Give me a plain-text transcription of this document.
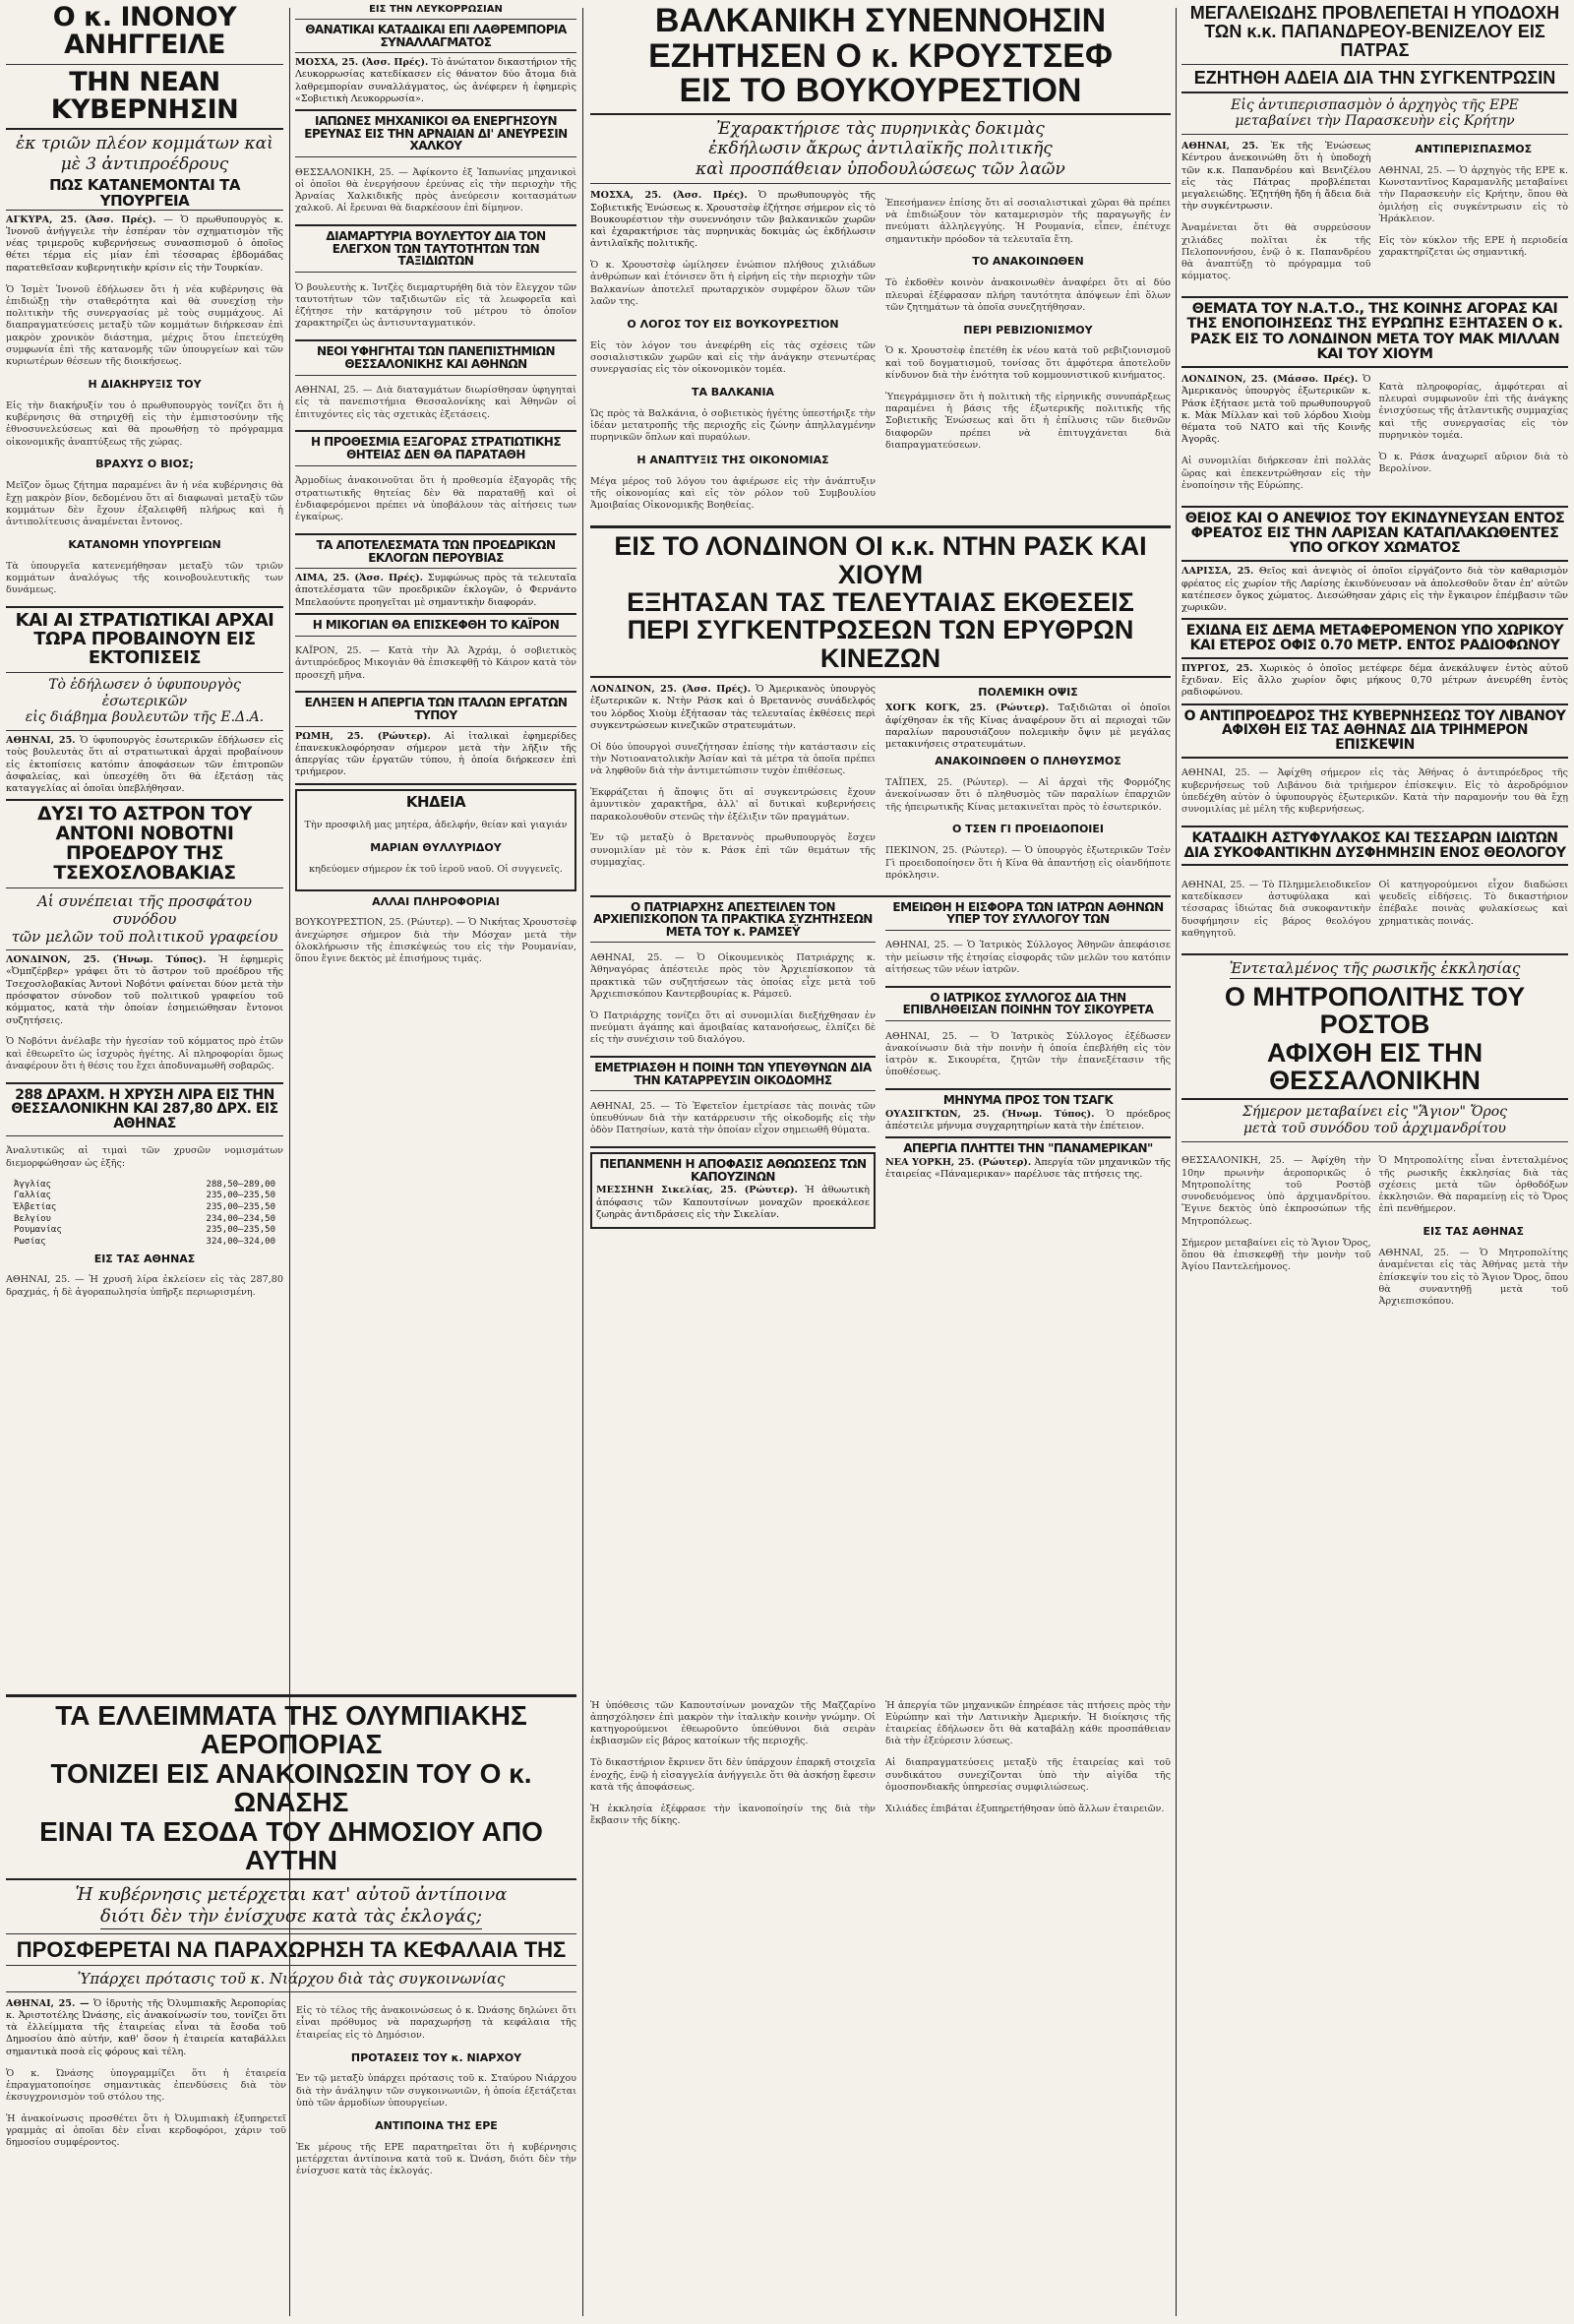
Ο κ. ΙΝΟΝΟΥ ΑΝΗΓΓΕΙΛΕ
ΤΗΝ ΝΕΑΝ ΚΥΒΕΡΝΗΣΙΝ
ἐκ τριῶν πλέον κομμάτων καὶ μὲ 3 ἀντιπροέδρους
ΠΩΣ ΚΑΤΑΝΕΜΟΝΤΑΙ ΤΑ ΥΠΟΥΡΓΕΙΑ

ΑΓΚΥΡΑ, 25. (Ἀσσ. Πρές). — Ὁ πρωθυπουργὸς κ. Ἰνονοῦ ἀνήγγειλε τὴν ἐσπέραν τὸν σχηματισμὸν τῆς νέας τριμεροῦς κυβερνήσεως συνασπισμοῦ ὁ ὁποῖος θέτει τέρμα εἰς μίαν ἐπὶ τέσσαρας ἑβδομάδας παρατεθεῖσαν κυβερνητικὴν κρίσιν εἰς τὴν Τουρκίαν.

Ὁ Ἰσμὲτ Ἰνονοῦ ἐδήλωσεν ὅτι ἡ νέα κυβέρνησις θὰ ἐπιδιώξῃ τὴν σταθερότητα καὶ θὰ συνεχίσῃ τὴν πολιτικὴν τῆς συνεργασίας μὲ τοὺς συμμάχους. Αἱ διαπραγματεύσεις μεταξὺ τῶν κομμάτων διήρκεσαν ἐπὶ μακρὸν χρονικὸν διάστημα, μέχρις ὅτου ἐπετεύχθη συμφωνία ἐπὶ τῆς κατανομῆς τῶν ὑπουργείων καὶ τῶν κυριωτέρων θέσεων τῆς διοικήσεως.

Η ΔΙΑΚΗΡΥΞΙΣ ΤΟΥ

Εἰς τὴν διακήρυξίν του ὁ πρωθυπουργὸς τονίζει ὅτι ἡ κυβέρνησις θὰ στηριχθῇ εἰς τὴν ἐμπιστοσύνην τῆς ἐθνοσυνελεύσεως καὶ θὰ προωθήσῃ τὸ πρόγραμμα οἰκονομικῆς ἀναπτύξεως τῆς χώρας.

ΒΡΑΧΥΣ Ο ΒΙΟΣ;

Μεῖζον ὅμως ζήτημα παραμένει ἂν ἡ νέα κυβέρνησις θὰ ἔχῃ μακρὸν βίον, δεδομένου ὅτι αἱ διαφωναὶ μεταξὺ τῶν κομμάτων δὲν ἔχουν ἐξαλειφθῆ πλήρως καὶ ἡ ἀντιπολίτευσις ἀναμένεται ἔντονος.

ΚΑΤΑΝΟΜΗ ΥΠΟΥΡΓΕΙΩΝ

Τὰ ὑπουργεῖα κατενεμήθησαν μεταξὺ τῶν τριῶν κομμάτων ἀναλόγως τῆς κοινοβουλευτικῆς των δυνάμεως.

ΚΑΙ ΑΙ ΣΤΡΑΤΙΩΤΙΚΑΙ ΑΡΧΑΙ ΤΩΡΑ ΠΡΟΒΑΙΝΟΥΝ ΕΙΣ ΕΚΤΟΠΙΣΕΙΣ
Τὸ ἐδήλωσεν ὁ ὑφυπουργὸς ἐσωτερικῶν
εἰς διάβημα βουλευτῶν τῆς Ε.Δ.Α.

ΑΘΗΝΑΙ, 25. Ὁ ὑφυπουργὸς ἐσωτερικῶν ἐδήλωσεν εἰς τοὺς βουλευτὰς ὅτι αἱ στρατιωτικαὶ ἀρχαὶ προβαίνουν εἰς ἐκτοπίσεις κατόπιν ἀποφάσεων τῶν ἐπιτροπῶν ἀσφαλείας, καὶ ὑπεσχέθη ὅτι θὰ ἐξετάσῃ τὰς καταγγελίας αἱ ὁποῖαι ὑπεβλήθησαν.

ΔΥΣΙ ΤΟ ΑΣΤΡΟΝ ΤΟΥ ΑΝΤΟΝΙ ΝΟΒΟΤΝΙ ΠΡΟΕΔΡΟΥ ΤΗΣ ΤΣΕΧΟΣΛΟΒΑΚΙΑΣ
Αἱ συνέπειαι τῆς προσφάτου συνόδου
τῶν μελῶν τοῦ πολιτικοῦ γραφείου

ΛΟΝΔΙΝΟΝ, 25. (Ἡνωμ. Τύπος). Ἡ ἐφημερὶς «Ὀμπζέρβερ» γράφει ὅτι τὸ ἄστρον τοῦ προέδρου τῆς Τσεχοσλοβακίας Ἀντονὶ Νοβότνι φαίνεται δύον μετὰ τὴν πρόσφατον σύνοδον τοῦ πολιτικοῦ γραφείου τοῦ κόμματος, κατὰ τὴν ὁποίαν ἐσημειώθησαν ἔντονοι συζητήσεις.

Ὁ Νοβότνι ἀνέλαβε τὴν ἡγεσίαν τοῦ κόμματος πρὸ ἐτῶν καὶ ἐθεωρεῖτο ὡς ἰσχυρὸς ἡγέτης. Αἱ πληροφορίαι ὅμως ἀναφέρουν ὅτι ἡ θέσις του ἔχει ἀποδυναμωθῆ σοβαρῶς.

288 ΔΡΑΧΜ. Η ΧΡΥΣΗ ΛΙΡΑ ΕΙΣ ΤΗΝ ΘΕΣΣΑΛΟΝΙΚΗΝ ΚΑΙ 287,80 ΔΡΧ. ΕΙΣ ΑΘΗΝΑΣ

Ἀναλυτικῶς αἱ τιμαὶ τῶν χρυσῶν νομισμάτων διεμορφώθησαν ὡς ἑξῆς:

Ἀγγλίας	288,50—289,00
Γαλλίας	235,00—235,50
Ἑλβετίας	235,00—235,50
Βελγίου	234,00—234,50
Ρουμανίας	235,00—235,50
Ρωσίας	324,00—324,00
ΕΙΣ ΤΑΣ ΑΘΗΝΑΣ

ΑΘΗΝΑΙ, 25. — Ἡ χρυσῆ λίρα ἐκλείσεν εἰς τὰς 287,80 δραχμάς, ἡ δὲ ἀγοραπωλησία ὑπῆρξε περιωρισμένη.

ΕΙΣ ΤΗΝ ΛΕΥΚΟΡΡΩΣΙΑΝ
ΘΑΝΑΤΙΚΑΙ ΚΑΤΑΔΙΚΑΙ ΕΠΙ ΛΑΘΡΕΜΠΟΡΙΑ ΣΥΝΑΛΛΑΓΜΑΤΟΣ

ΜΟΣΧΑ, 25. (Ἀσσ. Πρές). Τὸ ἀνώτατον δικαστήριον τῆς Λευκορρωσίας κατεδίκασεν εἰς θάνατον δύο ἄτομα διὰ λαθρεμπορίαν συναλλάγματος, ὡς ἀνέφερεν ἡ ἐφημερὶς «Σοβιετικὴ Λευκορρωσία».

ΙΑΠΩΝΕΣ ΜΗΧΑΝΙΚΟΙ ΘΑ ΕΝΕΡΓΗΣΟΥΝ ΕΡΕΥΝΑΣ ΕΙΣ ΤΗΝ ΑΡΝΑΙΑΝ ΔΙ' ΑΝΕΥΡΕΣΙΝ ΧΑΛΚΟΥ

ΘΕΣΣΑΛΟΝΙΚΗ, 25. — Ἀφίκοντο ἐξ Ἰαπωνίας μηχανικοὶ οἱ ὁποῖοι θὰ ἐνεργήσουν ἐρεύνας εἰς τὴν περιοχὴν τῆς Ἀρναίας Χαλκιδικῆς πρὸς ἀνεύρεσιν κοιτασμάτων χαλκοῦ. Αἱ ἔρευναι θὰ διαρκέσουν ἐπὶ δίμηνον.

ΔΙΑΜΑΡΤΥΡΙΑ ΒΟΥΛΕΥΤΟΥ ΔΙΑ ΤΟΝ ΕΛΕΓΧΟΝ ΤΩΝ ΤΑΥΤΟΤΗΤΩΝ ΤΩΝ ΤΑΞΙΔΙΩΤΩΝ

Ὁ βουλευτὴς κ. Ἰντζὲς διεμαρτυρήθη διὰ τὸν ἔλεγχον τῶν ταυτοτήτων τῶν ταξιδιωτῶν εἰς τὰ λεωφορεῖα καὶ ἐζήτησε τὴν κατάργησιν τοῦ μέτρου τὸ ὁποῖον χαρακτηρίζει ὡς ἀντισυνταγματικόν.

ΝΕΟΙ ΥΦΗΓΗΤΑΙ ΤΩΝ ΠΑΝΕΠΙΣΤΗΜΙΩΝ ΘΕΣΣΑΛΟΝΙΚΗΣ ΚΑΙ ΑΘΗΝΩΝ

ΑΘΗΝΑΙ, 25. — Διὰ διαταγμάτων διωρίσθησαν ὑφηγηταὶ εἰς τὰ πανεπιστήμια Θεσσαλονίκης καὶ Ἀθηνῶν οἱ ἐπιτυχόντες εἰς τὰς σχετικὰς ἐξετάσεις.

Η ΠΡΟΘΕΣΜΙΑ ΕΞΑΓΟΡΑΣ ΣΤΡΑΤΙΩΤΙΚΗΣ ΘΗΤΕΙΑΣ ΔΕΝ ΘΑ ΠΑΡΑΤΑΘΗ

Ἀρμοδίως ἀνακοινοῦται ὅτι ἡ προθεσμία ἐξαγορᾶς τῆς στρατιωτικῆς θητείας δὲν θὰ παραταθῇ καὶ οἱ ἐνδιαφερόμενοι πρέπει νὰ ὑποβάλουν τὰς αἰτήσεις των ἐγκαίρως.

ΤΑ ΑΠΟΤΕΛΕΣΜΑΤΑ ΤΩΝ ΠΡΟΕΔΡΙΚΩΝ ΕΚΛΟΓΩΝ ΠΕΡΟΥΒΙΑΣ

ΛΙΜΑ, 25. (Ἀσσ. Πρές). Συμφώνως πρὸς τὰ τελευταῖα ἀποτελέσματα τῶν προεδρικῶν ἐκλογῶν, ὁ Φερνάντο Μπελαούντε προηγεῖται μὲ σημαντικὴν διαφοράν.

Η ΜΙΚΟΓΙΑΝ ΘΑ ΕΠΙΣΚΕΦΘΗ ΤΟ ΚΑΪΡΟΝ

ΚΑΪΡΟΝ, 25. — Κατὰ τὴν Ἀλ Ἀχράμ, ὁ σοβιετικὸς ἀντιπρόεδρος Μικογιὰν θὰ ἐπισκεφθῇ τὸ Κάιρον κατὰ τὸν προσεχῆ μῆνα.

ΕΛΗΞΕΝ Η ΑΠΕΡΓΙΑ ΤΩΝ ΙΤΑΛΩΝ ΕΡΓΑΤΩΝ ΤΥΠΟΥ

ΡΩΜΗ, 25. (Ρώυτερ). Αἱ ἰταλικαὶ ἐφημερίδες ἐπανεκυκλοφόρησαν σήμερον μετὰ τὴν λῆξιν τῆς ἀπεργίας τῶν ἐργατῶν τύπου, ἡ ὁποία διήρκεσεν ἐπὶ τριήμερον.

ΚΗΔΕΙΑ

Τὴν προσφιλῆ μας μητέρα, ἀδελφήν, θείαν καὶ γιαγιάν

ΜΑΡΙΑΝ ΘΥΛΛΥΡΙΔΟΥ

κηδεύομεν σήμερον ἐκ τοῦ ἱεροῦ ναοῦ. Οἱ συγγενεῖς.

ΑΛΛΑΙ ΠΛΗΡΟΦΟΡΙΑΙ

ΒΟΥΚΟΥΡΕΣΤΙΟΝ, 25. (Ρώυτερ). — Ὁ Νικήτας Χρουστσὲφ ἀνεχώρησε σήμερον διὰ τὴν Μόσχαν μετὰ τὴν ὁλοκλήρωσιν τῆς ἐπισκέψεώς του εἰς τὴν Ρουμανίαν, ὅπου ἔγινε δεκτὸς μὲ ἐπισήμους τιμάς.

ΒΑΛΚΑΝΙΚΗ ΣΥΝΕΝΝΟΗΣΙΝ
ΕΖΗΤΗΣΕΝ Ο κ. ΚΡΟΥΣΤΣΕΦ
ΕΙΣ ΤΟ ΒΟΥΚΟΥΡΕΣΤΙΟΝ
Ἐχαρακτήρισε τὰς πυρηνικὰς δοκιμὰς
ἐκδήλωσιν ἄκρως ἀντιλαϊκῆς πολιτικῆς
καὶ προσπάθειαν ὑποδουλώσεως τῶν λαῶν

ΜΟΣΧΑ, 25. (Ἀσσ. Πρές). Ὁ πρωθυπουργὸς τῆς Σοβιετικῆς Ἑνώσεως κ. Χρουστσὲφ ἐζήτησε σήμερον εἰς τὸ Βουκουρέστιον τὴν συνεννόησιν τῶν βαλκανικῶν χωρῶν καὶ ἐχαρακτήρισε τὰς πυρηνικὰς δοκιμὰς ὡς ἐκδήλωσιν ἀντιλαϊκῆς πολιτικῆς.

Ὁ κ. Χρουστσὲφ ὡμίλησεν ἐνώπιον πλήθους χιλιάδων ἀνθρώπων καὶ ἐτόνισεν ὅτι ἡ εἰρήνη εἰς τὴν περιοχὴν τῶν Βαλκανίων ἀποτελεῖ πρωταρχικὸν συμφέρον ὅλων τῶν λαῶν της.

Ο ΛΟΓΟΣ ΤΟΥ ΕΙΣ ΒΟΥΚΟΥΡΕΣΤΙΟΝ

Εἰς τὸν λόγον του ἀνεφέρθη εἰς τὰς σχέσεις τῶν σοσιαλιστικῶν χωρῶν καὶ εἰς τὴν ἀνάγκην στενωτέρας συνεργασίας εἰς τὸν οἰκονομικὸν τομέα.

ΤΑ ΒΑΛΚΑΝΙΑ

Ὡς πρὸς τὰ Βαλκάνια, ὁ σοβιετικὸς ἡγέτης ὑπεστήριξε τὴν ἰδέαν μετατροπῆς τῆς περιοχῆς εἰς ζώνην ἀπηλλαγμένην πυρηνικῶν ὅπλων καὶ πυραύλων.

Η ΑΝΑΠΤΥΞΙΣ ΤΗΣ ΟΙΚΟΝΟΜΙΑΣ

Μέγα μέρος τοῦ λόγου του ἀφιέρωσε εἰς τὴν ἀνάπτυξιν τῆς οἰκονομίας καὶ εἰς τὸν ρόλον τοῦ Συμβουλίου Ἀμοιβαίας Οἰκονομικῆς Βοηθείας.

Ἐπεσήμανεν ἐπίσης ὅτι αἱ σοσιαλιστικαὶ χῶραι θὰ πρέπει νὰ ἐπιδιώξουν τὸν καταμερισμὸν τῆς παραγωγῆς ἐν πνεύματι ἀλληλεγγύης. Ἡ Ρουμανία, εἶπεν, ἐπέτυχε σημαντικὴν πρόοδον τὰ τελευταῖα ἔτη.

ΤΟ ΑΝΑΚΟΙΝΩΘΕΝ

Τὸ ἐκδοθὲν κοινὸν ἀνακοινωθὲν ἀναφέρει ὅτι αἱ δύο πλευραὶ ἐξέφρασαν πλήρη ταυτότητα ἀπόψεων ἐπὶ ὅλων τῶν ζητημάτων τὰ ὁποῖα συνεζητήθησαν.

ΠΕΡΙ ΡΕΒΙΖΙΟΝΙΣΜΟΥ

Ὁ κ. Χρουστσὲφ ἐπετέθη ἐκ νέου κατὰ τοῦ ρεβιζιονισμοῦ καὶ τοῦ δογματισμοῦ, τονίσας ὅτι ἀμφότερα ἀποτελοῦν κίνδυνον διὰ τὴν ἑνότητα τοῦ κομμουνιστικοῦ κινήματος.

Ὑπεγράμμισεν ὅτι ἡ πολιτικὴ τῆς εἰρηνικῆς συνυπάρξεως παραμένει ἡ βάσις τῆς ἐξωτερικῆς πολιτικῆς τῆς Σοβιετικῆς Ἑνώσεως καὶ ὅτι ἡ ἐπίλυσις τῶν διεθνῶν διαφορῶν πρέπει νὰ ἐπιτυγχάνεται διὰ διαπραγματεύσεων.

ΕΙΣ ΤΟ ΛΟΝΔΙΝΟΝ ΟΙ κ.κ. ΝΤΗΝ ΡΑΣΚ ΚΑΙ ΧΙΟΥΜ
ΕΞΗΤΑΣΑΝ ΤΑΣ ΤΕΛΕΥΤΑΙΑΣ ΕΚΘΕΣΕΙΣ
ΠΕΡΙ ΣΥΓΚΕΝΤΡΩΣΕΩΝ ΤΩΝ ΕΡΥΘΡΩΝ ΚΙΝΕΖΩΝ

ΛΟΝΔΙΝΟΝ, 25. (Ἀσσ. Πρές). Ὁ Ἀμερικανὸς ὑπουργὸς ἐξωτερικῶν κ. Ντὴν Ράσκ καὶ ὁ Βρεταννὸς συνάδελφός του λόρδος Χιοὺμ ἐξήτασαν τὰς τελευταίας ἐκθέσεις περὶ συγκεντρώσεων κινεζικῶν στρατευμάτων.

Οἱ δύο ὑπουργοὶ συνεζήτησαν ἐπίσης τὴν κατάστασιν εἰς τὴν Νοτιοανατολικὴν Ἀσίαν καὶ τὰ μέτρα τὰ ὁποῖα πρέπει νὰ ληφθοῦν διὰ τὴν ἀντιμετώπισιν τυχὸν ἐπιθέσεως.

Ἐκφράζεται ἡ ἄποψις ὅτι αἱ συγκεντρώσεις ἔχουν ἀμυντικὸν χαρακτῆρα, ἀλλ' αἱ δυτικαὶ κυβερνήσεις παρακολουθοῦν στενῶς τὴν ἐξέλιξιν τῶν πραγμάτων.

Ἐν τῷ μεταξὺ ὁ Βρεταννὸς πρωθυπουργὸς ἔσχεν συνομιλίαν μὲ τὸν κ. Ράσκ ἐπὶ τῶν θεμάτων τῆς συμμαχίας.

ΠΟΛΕΜΙΚΗ ΟΨΙΣ

ΧΟΓΚ ΚΟΓΚ, 25. (Ρώυτερ). Ταξιδιῶται οἱ ὁποῖοι ἀφίχθησαν ἐκ τῆς Κίνας ἀναφέρουν ὅτι αἱ περιοχαὶ τῶν παραλίων παρουσιάζουν πολεμικὴν ὄψιν μὲ μεγάλας μετακινήσεις στρατευμάτων.

ΑΝΑΚΟΙΝΩΘΕΝ Ο ΠΛΗΘΥΣΜΟΣ

ΤΑΪΠΕΧ, 25. (Ρώυτερ). — Αἱ ἀρχαὶ τῆς Φορμόζης ἀνεκοίνωσαν ὅτι ὁ πληθυσμὸς τῶν παραλίων ἐπαρχιῶν τῆς ἠπειρωτικῆς Κίνας μετακινεῖται πρὸς τὸ ἐσωτερικόν.

Ο ΤΣΕΝ ΓΙ ΠΡΟΕΙΔΟΠΟΙΕΙ

ΠΕΚΙΝΟΝ, 25. (Ρώυτερ). — Ὁ ὑπουργὸς ἐξωτερικῶν Τσὲν Γὶ προειδοποίησεν ὅτι ἡ Κίνα θὰ ἀπαντήσῃ εἰς οἱανδήποτε πρόκλησιν.

Ο ΠΑΤΡΙΑΡΧΗΣ ΑΠΕΣΤΕΙΛΕΝ ΤΟΝ ΑΡΧΙΕΠΙΣΚΟΠΟΝ ΤΑ ΠΡΑΚΤΙΚΑ ΣΥΖΗΤΗΣΕΩΝ ΜΕΤΑ ΤΟΥ κ. ΡΑΜΣΕΫ

ΑΘΗΝΑΙ, 25. — Ὁ Οἰκουμενικὸς Πατριάρχης κ. Ἀθηναγόρας ἀπέστειλε πρὸς τὸν Ἀρχιεπίσκοπον τὰ πρακτικὰ τῶν συζητήσεων τὰς ὁποίας εἶχε μετὰ τοῦ Ἀρχιεπισκόπου Καντερβουρίας κ. Ράμσεϋ.

Ὁ Πατριάρχης τονίζει ὅτι αἱ συνομιλίαι διεξήχθησαν ἐν πνεύματι ἀγάπης καὶ ἀμοιβαίας κατανοήσεως, ἐλπίζει δὲ εἰς τὴν συνέχισιν τοῦ διαλόγου.

ΕΜΕΤΡΙΑΣΘΗ Η ΠΟΙΝΗ ΤΩΝ ΥΠΕΥΘΥΝΩΝ ΔΙΑ ΤΗΝ ΚΑΤΑΡΡΕΥΣΙΝ ΟΙΚΟΔΟΜΗΣ

ΑΘΗΝΑΙ, 25. — Τὸ Ἐφετεῖον ἐμετρίασε τὰς ποινὰς τῶν ὑπευθύνων διὰ τὴν κατάρρευσιν τῆς οἰκοδομῆς εἰς τὴν ὁδὸν Πατησίων, κατὰ τὴν ὁποίαν εἶχον σημειωθῆ θύματα.

ΠΕΠΑΝΜΕΝΗ Η ΑΠΟΦΑΣΙΣ ΑΘΩΩΣΕΩΣ ΤΩΝ ΚΑΠΟΥΖΙΝΩΝ

ΜΕΣΣΗΝΗ Σικελίας, 25. (Ρώυτερ). Ἡ ἀθωωτικὴ ἀπόφασις τῶν Καπουτσίνων μοναχῶν προεκάλεσε ζωηρὰς ἀντιδράσεις εἰς τὴν Σικελίαν.

ΕΜΕΙΩΘΗ Η ΕΙΣΦΟΡΑ ΤΩΝ ΙΑΤΡΩΝ ΑΘΗΝΩΝ ΥΠΕΡ ΤΟΥ ΣΥΛΛΟΓΟΥ ΤΩΝ

ΑΘΗΝΑΙ, 25. — Ὁ Ἰατρικὸς Σύλλογος Ἀθηνῶν ἀπεφάσισε τὴν μείωσιν τῆς ἐτησίας εἰσφορᾶς τῶν μελῶν του κατόπιν αἰτήσεως τῶν νέων ἰατρῶν.

Ο ΙΑΤΡΙΚΟΣ ΣΥΛΛΟΓΟΣ ΔΙΑ ΤΗΝ ΕΠΙΒΛΗΘΕΙΣΑΝ ΠΟΙΝΗΝ ΤΟΥ ΣΙΚΟΥΡΕΤΑ

ΑΘΗΝΑΙ, 25. — Ὁ Ἰατρικὸς Σύλλογος ἐξέδωσεν ἀνακοίνωσιν διὰ τὴν ποινὴν ἡ ὁποία ἐπεβλήθη εἰς τὸν ἰατρὸν κ. Σικουρέτα, ζητῶν τὴν ἐπανεξέτασιν τῆς ὑποθέσεως.

ΜΗΝΥΜΑ ΠΡΟΣ ΤΟΝ ΤΣΑΓΚ

ΟΥΑΣΙΓΚΤΩΝ, 25. (Ἡνωμ. Τύπος). Ὁ πρόεδρος ἀπέστειλε μήνυμα συγχαρητηρίων κατὰ τὴν ἐπέτειον.

ΑΠΕΡΓΙΑ ΠΛΗΤΤΕΙ ΤΗΝ "ΠΑΝΑΜΕΡΙΚΑΝ"

ΝΕΑ ΥΟΡΚΗ, 25. (Ρώυτερ). Ἀπεργία τῶν μηχανικῶν τῆς ἑταιρείας «Πάναμερικαν» παρέλυσε τὰς πτήσεις της.

ΜΕΓΑΛΕΙΩΔΗΣ ΠΡΟΒΛΕΠΕΤΑΙ Η ΥΠΟΔΟΧΗ
ΤΩΝ κ.κ. ΠΑΠΑΝΔΡΕΟΥ-ΒΕΝΙΖΕΛΟΥ ΕΙΣ ΠΑΤΡΑΣ
ΕΖΗΤΗΘΗ ΑΔΕΙΑ ΔΙΑ ΤΗΝ ΣΥΓΚΕΝΤΡΩΣΙΝ
Εἰς ἀντιπερισπασμὸν ὁ ἀρχηγὸς τῆς ΕΡΕ
μεταβαίνει τὴν Παρασκευὴν εἰς Κρήτην

ΑΘΗΝΑΙ, 25. Ἐκ τῆς Ἑνώσεως Κέντρου ἀνεκοινώθη ὅτι ἡ ὑποδοχὴ τῶν κ.κ. Παπανδρέου καὶ Βενιζέλου εἰς τὰς Πάτρας προβλέπεται μεγαλειώδης. Ἐζητήθη ἤδη ἡ ἄδεια διὰ τὴν συγκέντρωσιν.

Ἀναμένεται ὅτι θὰ συρρεύσουν χιλιάδες πολῖται ἐκ τῆς Πελοποννήσου, ἐνῷ ὁ κ. Παπανδρέου θὰ ἀναπτύξῃ τὸ πρόγραμμα τοῦ κόμματος.

ΑΝΤΙΠΕΡΙΣΠΑΣΜΟΣ

ΑΘΗΝΑΙ, 25. — Ὁ ἀρχηγὸς τῆς ΕΡΕ κ. Κωνσταντῖνος Καραμανλῆς μεταβαίνει τὴν Παρασκευὴν εἰς Κρήτην, ὅπου θὰ ὁμιλήσῃ εἰς συγκέντρωσιν εἰς τὸ Ἡράκλειον.

Εἰς τὸν κύκλον τῆς ΕΡΕ ἡ περιοδεία χαρακτηρίζεται ὡς σημαντική.

ΘΕΜΑΤΑ ΤΟΥ Ν.Α.Τ.Ο., ΤΗΣ ΚΟΙΝΗΣ ΑΓΟΡΑΣ ΚΑΙ ΤΗΣ ΕΝΟΠΟΙΗΣΕΩΣ ΤΗΣ ΕΥΡΩΠΗΣ ΕΞΗΤΑΣΕΝ Ο κ. ΡΑΣΚ ΕΙΣ ΤΟ ΛΟΝΔΙΝΟΝ ΜΕΤΑ ΤΟΥ ΜΑΚ ΜΙΛΛΑΝ ΚΑΙ ΤΟΥ ΧΙΟΥΜ

ΛΟΝΔΙΝΟΝ, 25. (Μάσσο. Πρές). Ὁ Ἀμερικανὸς ὑπουργὸς ἐξωτερικῶν κ. Ράσκ ἐξήτασε μετὰ τοῦ πρωθυπουργοῦ κ. Μὰκ Μίλλαν καὶ τοῦ λόρδου Χιοὺμ θέματα τοῦ ΝΑΤΟ καὶ τῆς Κοινῆς Ἀγορᾶς.

Αἱ συνομιλίαι διήρκεσαν ἐπὶ πολλὰς ὥρας καὶ ἐπεκεντρώθησαν εἰς τὴν ἑνοποίησιν τῆς Εὐρώπης.

Κατὰ πληροφορίας, ἀμφότεραι αἱ πλευραὶ συμφωνοῦν ἐπὶ τῆς ἀνάγκης ἐνισχύσεως τῆς ἀτλαντικῆς συμμαχίας καὶ τῆς συνεργασίας εἰς τὸν πυρηνικὸν τομέα.

Ὁ κ. Ράσκ ἀναχωρεῖ αὔριον διὰ τὸ Βερολίνον.

ΘΕΙΟΣ ΚΑΙ Ο ΑΝΕΨΙΟΣ ΤΟΥ ΕΚΙΝΔΥΝΕΥΣΑΝ ΕΝΤΟΣ ΦΡΕΑΤΟΣ ΕΙΣ ΤΗΝ ΛΑΡΙΣΑΝ ΚΑΤΑΠΛΑΚΩΘΕΝΤΕΣ ΥΠΟ ΟΓΚΟΥ ΧΩΜΑΤΟΣ

ΛΑΡΙΣΣΑ, 25. Θεῖος καὶ ἀνεψιὸς οἱ ὁποῖοι εἰργάζοντο διὰ τὸν καθαρισμὸν φρέατος εἰς χωρίον τῆς Λαρίσης ἐκινδύνευσαν νὰ ἀπολεσθοῦν ὅταν ἐπ' αὐτῶν κατέπεσεν ὄγκος χώματος. Διεσώθησαν χάρις εἰς τὴν ἔγκαιρον ἐπέμβασιν τῶν χωρικῶν.

ΕΧΙΔΝΑ ΕΙΣ ΔΕΜΑ ΜΕΤΑΦΕΡΟΜΕΝΟΝ ΥΠΟ ΧΩΡΙΚΟΥ ΚΑΙ ΕΤΕΡΟΣ ΟΦΙΣ 0.70 ΜΕΤΡ. ΕΝΤΟΣ ΡΑΔΙΟΦΩΝΟΥ

ΠΥΡΓΟΣ, 25. Χωρικὸς ὁ ὁποῖος μετέφερε δέμα ἀνεκάλυψεν ἐντὸς αὐτοῦ ἔχιδναν. Εἰς ἄλλο χωρίον ὄφις μήκους 0,70 μέτρων ἀνευρέθη ἐντὸς ραδιοφώνου.

Ο ΑΝΤΙΠΡΟΕΔΡΟΣ ΤΗΣ ΚΥΒΕΡΝΗΣΕΩΣ ΤΟΥ ΛΙΒΑΝΟΥ ΑΦΙΧΘΗ ΕΙΣ ΤΑΣ ΑΘΗΝΑΣ ΔΙΑ ΤΡΙΗΜΕΡΟΝ ΕΠΙΣΚΕΨΙΝ

ΑΘΗΝΑΙ, 25. — Ἀφίχθη σήμερον εἰς τὰς Ἀθήνας ὁ ἀντιπρόεδρος τῆς κυβερνήσεως τοῦ Λιβάνου διὰ τριήμερον ἐπίσκεψιν. Εἰς τὸ ἀεροδρόμιον ὑπεδέχθη αὐτὸν ὁ ὑφυπουργὸς ἐξωτερικῶν. Κατὰ τὴν παραμονήν του θὰ ἔχῃ συνομιλίας μὲ μέλη τῆς κυβερνήσεως.

ΚΑΤΑΔΙΚΗ ΑΣΤΥΦΥΛΑΚΟΣ ΚΑΙ ΤΕΣΣΑΡΩΝ ΙΔΙΩΤΩΝ ΔΙΑ ΣΥΚΟΦΑΝΤΙΚΗΝ ΔΥΣΦΗΜΗΣΙΝ ΕΝΟΣ ΘΕΟΛΟΓΟΥ

ΑΘΗΝΑΙ, 25. — Τὸ Πλημμελειοδικεῖον κατεδίκασεν ἀστυφύλακα καὶ τέσσαρας ἰδιώτας διὰ συκοφαντικὴν δυσφήμησιν εἰς βάρος θεολόγου καθηγητοῦ.

Οἱ κατηγορούμενοι εἶχον διαδώσει ψευδεῖς εἰδήσεις. Τὸ δικαστήριον ἐπέβαλε ποινὰς φυλακίσεως καὶ χρηματικὰς ποινάς.

Ἐντεταλμένος τῆς ρωσικῆς ἐκκλησίας
Ο ΜΗΤΡΟΠΟΛΙΤΗΣ ΤΟΥ ΡΟΣΤΟΒ
ΑΦΙΧΘΗ ΕΙΣ ΤΗΝ ΘΕΣΣΑΛΟΝΙΚΗΝ
Σήμερον μεταβαίνει εἰς "Ἅγιον" Ὄρος
μετὰ τοῦ συνόδου τοῦ ἀρχιμανδρίτου

ΘΕΣΣΑΛΟΝΙΚΗ, 25. — Ἀφίχθη τὴν 10ην πρωινὴν ἀεροπορικῶς ὁ Μητροπολίτης τοῦ Ροστὸβ συνοδευόμενος ὑπὸ ἀρχιμανδρίτου. Ἔγινε δεκτὸς ὑπὸ ἐκπροσώπων τῆς Μητροπόλεως.

Σήμερον μεταβαίνει εἰς τὸ Ἅγιον Ὄρος, ὅπου θὰ ἐπισκεφθῇ τὴν μονὴν τοῦ Ἁγίου Παντελεήμονος.

Ὁ Μητροπολίτης εἶναι ἐντεταλμένος τῆς ρωσικῆς ἐκκλησίας διὰ τὰς σχέσεις μετὰ τῶν ὀρθοδόξων ἐκκλησιῶν. Θὰ παραμείνῃ εἰς τὸ Ὄρος ἐπὶ πενθήμερον.

ΕΙΣ ΤΑΣ ΑΘΗΝΑΣ

ΑΘΗΝΑΙ, 25. — Ὁ Μητροπολίτης ἀναμένεται εἰς τὰς Ἀθήνας μετὰ τὴν ἐπίσκεψίν του εἰς τὸ Ἅγιον Ὄρος, ὅπου θὰ συναντηθῇ μετὰ τοῦ Ἀρχιεπισκόπου.

ΤΑ ΕΛΛΕΙΜΜΑΤΑ ΤΗΣ ΟΛΥΜΠΙΑΚΗΣ ΑΕΡΟΠΟΡΙΑΣ
ΤΟΝΙΖΕΙ ΕΙΣ ΑΝΑΚΟΙΝΩΣΙΝ ΤΟΥ Ο κ. ΩΝΑΣΗΣ
ΕΙΝΑΙ ΤΑ ΕΣΟΔΑ ΤΟΥ ΔΗΜΟΣΙΟΥ ΑΠΟ ΑΥΤΗΝ
Ἡ κυβέρνησις μετέρχεται κατ' αὐτοῦ ἀντίποινα
διότι δὲν τὴν ἐνίσχυσε κατὰ τὰς ἐκλογάς;
ΠΡΟΣΦΕΡΕΤΑΙ ΝΑ ΠΑΡΑΧΩΡΗΣΗ ΤΑ ΚΕΦΑΛΑΙΑ ΤΗΣ
Ὑπάρχει πρότασις τοῦ κ. Νιάρχου διὰ τὰς συγκοινωνίας

ΑΘΗΝΑΙ, 25. — Ὁ ἰδρυτὴς τῆς Ὀλυμπιακῆς Ἀεροπορίας κ. Ἀριστοτέλης Ὠνάσης, εἰς ἀνακοίνωσίν του, τονίζει ὅτι τὰ ἐλλείμματα τῆς ἑταιρείας εἶναι τὰ ἔσοδα τοῦ Δημοσίου ἀπὸ αὐτήν, καθ' ὅσον ἡ ἑταιρεία καταβάλλει σημαντικὰ ποσὰ εἰς φόρους καὶ τέλη.

Ὁ κ. Ὠνάσης ὑπογραμμίζει ὅτι ἡ ἑταιρεία ἐπραγματοποίησε σημαντικὰς ἐπενδύσεις διὰ τὸν ἐκσυγχρονισμὸν τοῦ στόλου της.

Ἡ ἀνακοίνωσις προσθέτει ὅτι ἡ Ὀλυμπιακὴ ἐξυπηρετεῖ γραμμὰς αἱ ὁποῖαι δὲν εἶναι κερδοφόροι, χάριν τοῦ δημοσίου συμφέροντος.

Εἰς τὸ τέλος τῆς ἀνακοινώσεως ὁ κ. Ὠνάσης δηλώνει ὅτι εἶναι πρόθυμος νὰ παραχωρήσῃ τὰ κεφάλαια τῆς ἑταιρείας εἰς τὸ Δημόσιον.

ΠΡΟΤΑΣΕΙΣ ΤΟΥ κ. ΝΙΑΡΧΟΥ

Ἐν τῷ μεταξὺ ὑπάρχει πρότασις τοῦ κ. Σταύρου Νιάρχου διὰ τὴν ἀνάληψιν τῶν συγκοινωνιῶν, ἡ ὁποία ἐξετάζεται ὑπὸ τῶν ἁρμοδίων ὑπουργείων.

ΑΝΤΙΠΟΙΝΑ ΤΗΣ ΕΡΕ

Ἐκ μέρους τῆς ΕΡΕ παρατηρεῖται ὅτι ἡ κυβέρνησις μετέρχεται ἀντίποινα κατὰ τοῦ κ. Ὠνάση, διότι δὲν τὴν ἐνίσχυσε κατὰ τὰς ἐκλογάς.

Ἡ ὑπόθεσις τῶν Καπουτσίνων μοναχῶν τῆς Μαζζαρίνο ἀπησχόλησεν ἐπὶ μακρὸν τὴν ἰταλικὴν κοινὴν γνώμην. Οἱ κατηγορούμενοι ἐθεωροῦντο ὑπεύθυνοι διὰ σειρὰν ἐκβιασμῶν εἰς βάρος κατοίκων τῆς περιοχῆς.

Τὸ δικαστήριον ἔκρινεν ὅτι δὲν ὑπάρχουν ἐπαρκῆ στοιχεῖα ἐνοχῆς, ἐνῷ ἡ εἰσαγγελία ἀνήγγειλε ὅτι θὰ ἀσκήσῃ ἔφεσιν κατὰ τῆς ἀποφάσεως.

Ἡ ἐκκλησία ἐξέφρασε τὴν ἱκανοποίησίν της διὰ τὴν ἔκβασιν τῆς δίκης.

Ἡ ἀπεργία τῶν μηχανικῶν ἐπηρέασε τὰς πτήσεις πρὸς τὴν Εὐρώπην καὶ τὴν Λατινικὴν Ἀμερικήν. Ἡ διοίκησις τῆς ἑταιρείας ἐδήλωσεν ὅτι θὰ καταβάλῃ κάθε προσπάθειαν διὰ τὴν ἐξεύρεσιν λύσεως.

Αἱ διαπραγματεύσεις μεταξὺ τῆς ἑταιρείας καὶ τοῦ συνδικάτου συνεχίζονται ὑπὸ τὴν αἰγίδα τῆς ὁμοσπονδιακῆς ὑπηρεσίας συμφιλιώσεως.

Χιλιάδες ἐπιβάται ἐξυπηρετήθησαν ὑπὸ ἄλλων ἑταιρειῶν.
